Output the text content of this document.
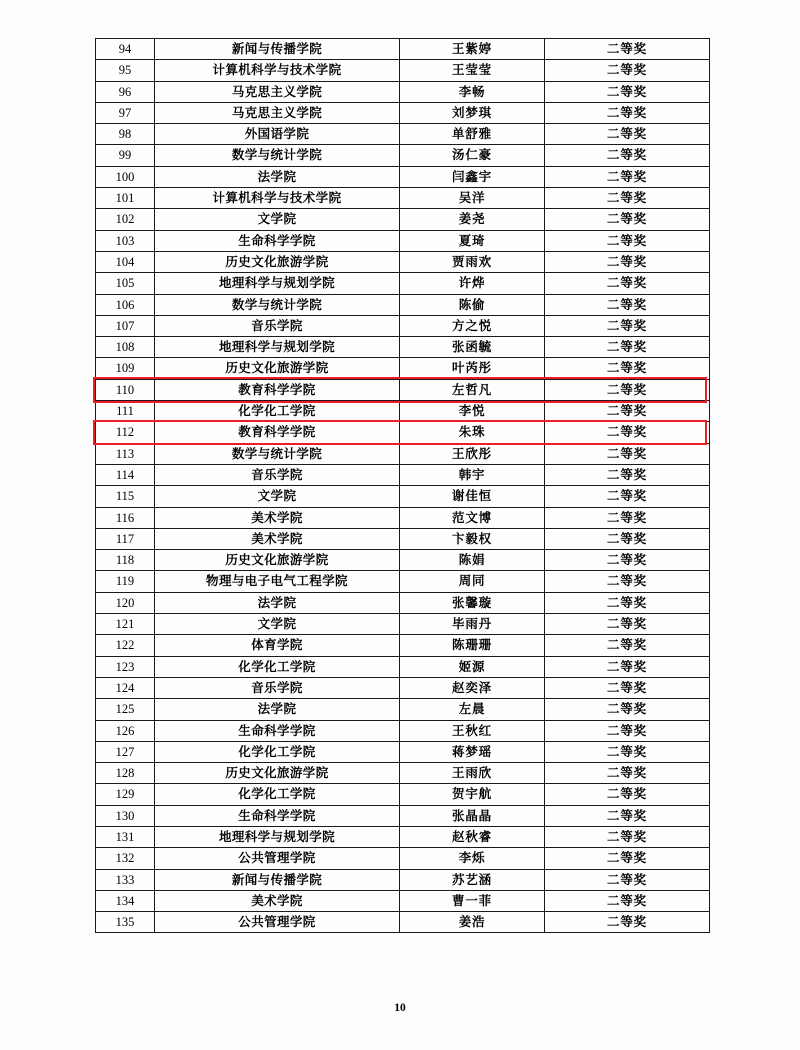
94	新闻与传播学院	王紫婷	二等奖
95	计算机科学与技术学院	王莹莹	二等奖
96	马克思主义学院	李畅	二等奖
97	马克思主义学院	刘梦琪	二等奖
98	外国语学院	单舒雅	二等奖
99	数学与统计学院	汤仁豪	二等奖
100	法学院	闫鑫宇	二等奖
101	计算机科学与技术学院	吴洋	二等奖
102	文学院	姜尧	二等奖
103	生命科学学院	夏琦	二等奖
104	历史文化旅游学院	贾雨欢	二等奖
105	地理科学与规划学院	许烨	二等奖
106	数学与统计学院	陈偷	二等奖
107	音乐学院	方之悦	二等奖
108	地理科学与规划学院	张函毓	二等奖
109	历史文化旅游学院	叶芮彤	二等奖
110	教育科学学院	左哲凡	二等奖
111	化学化工学院	李悦	二等奖
112	教育科学学院	朱珠	二等奖
113	数学与统计学院	王欣彤	二等奖
114	音乐学院	韩宇	二等奖
115	文学院	谢佳恒	二等奖
116	美术学院	范文博	二等奖
117	美术学院	卞毅权	二等奖
118	历史文化旅游学院	陈娟	二等奖
119	物理与电子电气工程学院	周同	二等奖
120	法学院	张馨璇	二等奖
121	文学院	毕雨丹	二等奖
122	体育学院	陈珊珊	二等奖
123	化学化工学院	姬源	二等奖
124	音乐学院	赵奕泽	二等奖
125	法学院	左晨	二等奖
126	生命科学学院	王秋红	二等奖
127	化学化工学院	蒋梦瑶	二等奖
128	历史文化旅游学院	王雨欣	二等奖
129	化学化工学院	贺宇航	二等奖
130	生命科学学院	张晶晶	二等奖
131	地理科学与规划学院	赵秋睿	二等奖
132	公共管理学院	李烁	二等奖
133	新闻与传播学院	苏艺涵	二等奖
134	美术学院	曹一菲	二等奖
135	公共管理学院	姜浩	二等奖
10
